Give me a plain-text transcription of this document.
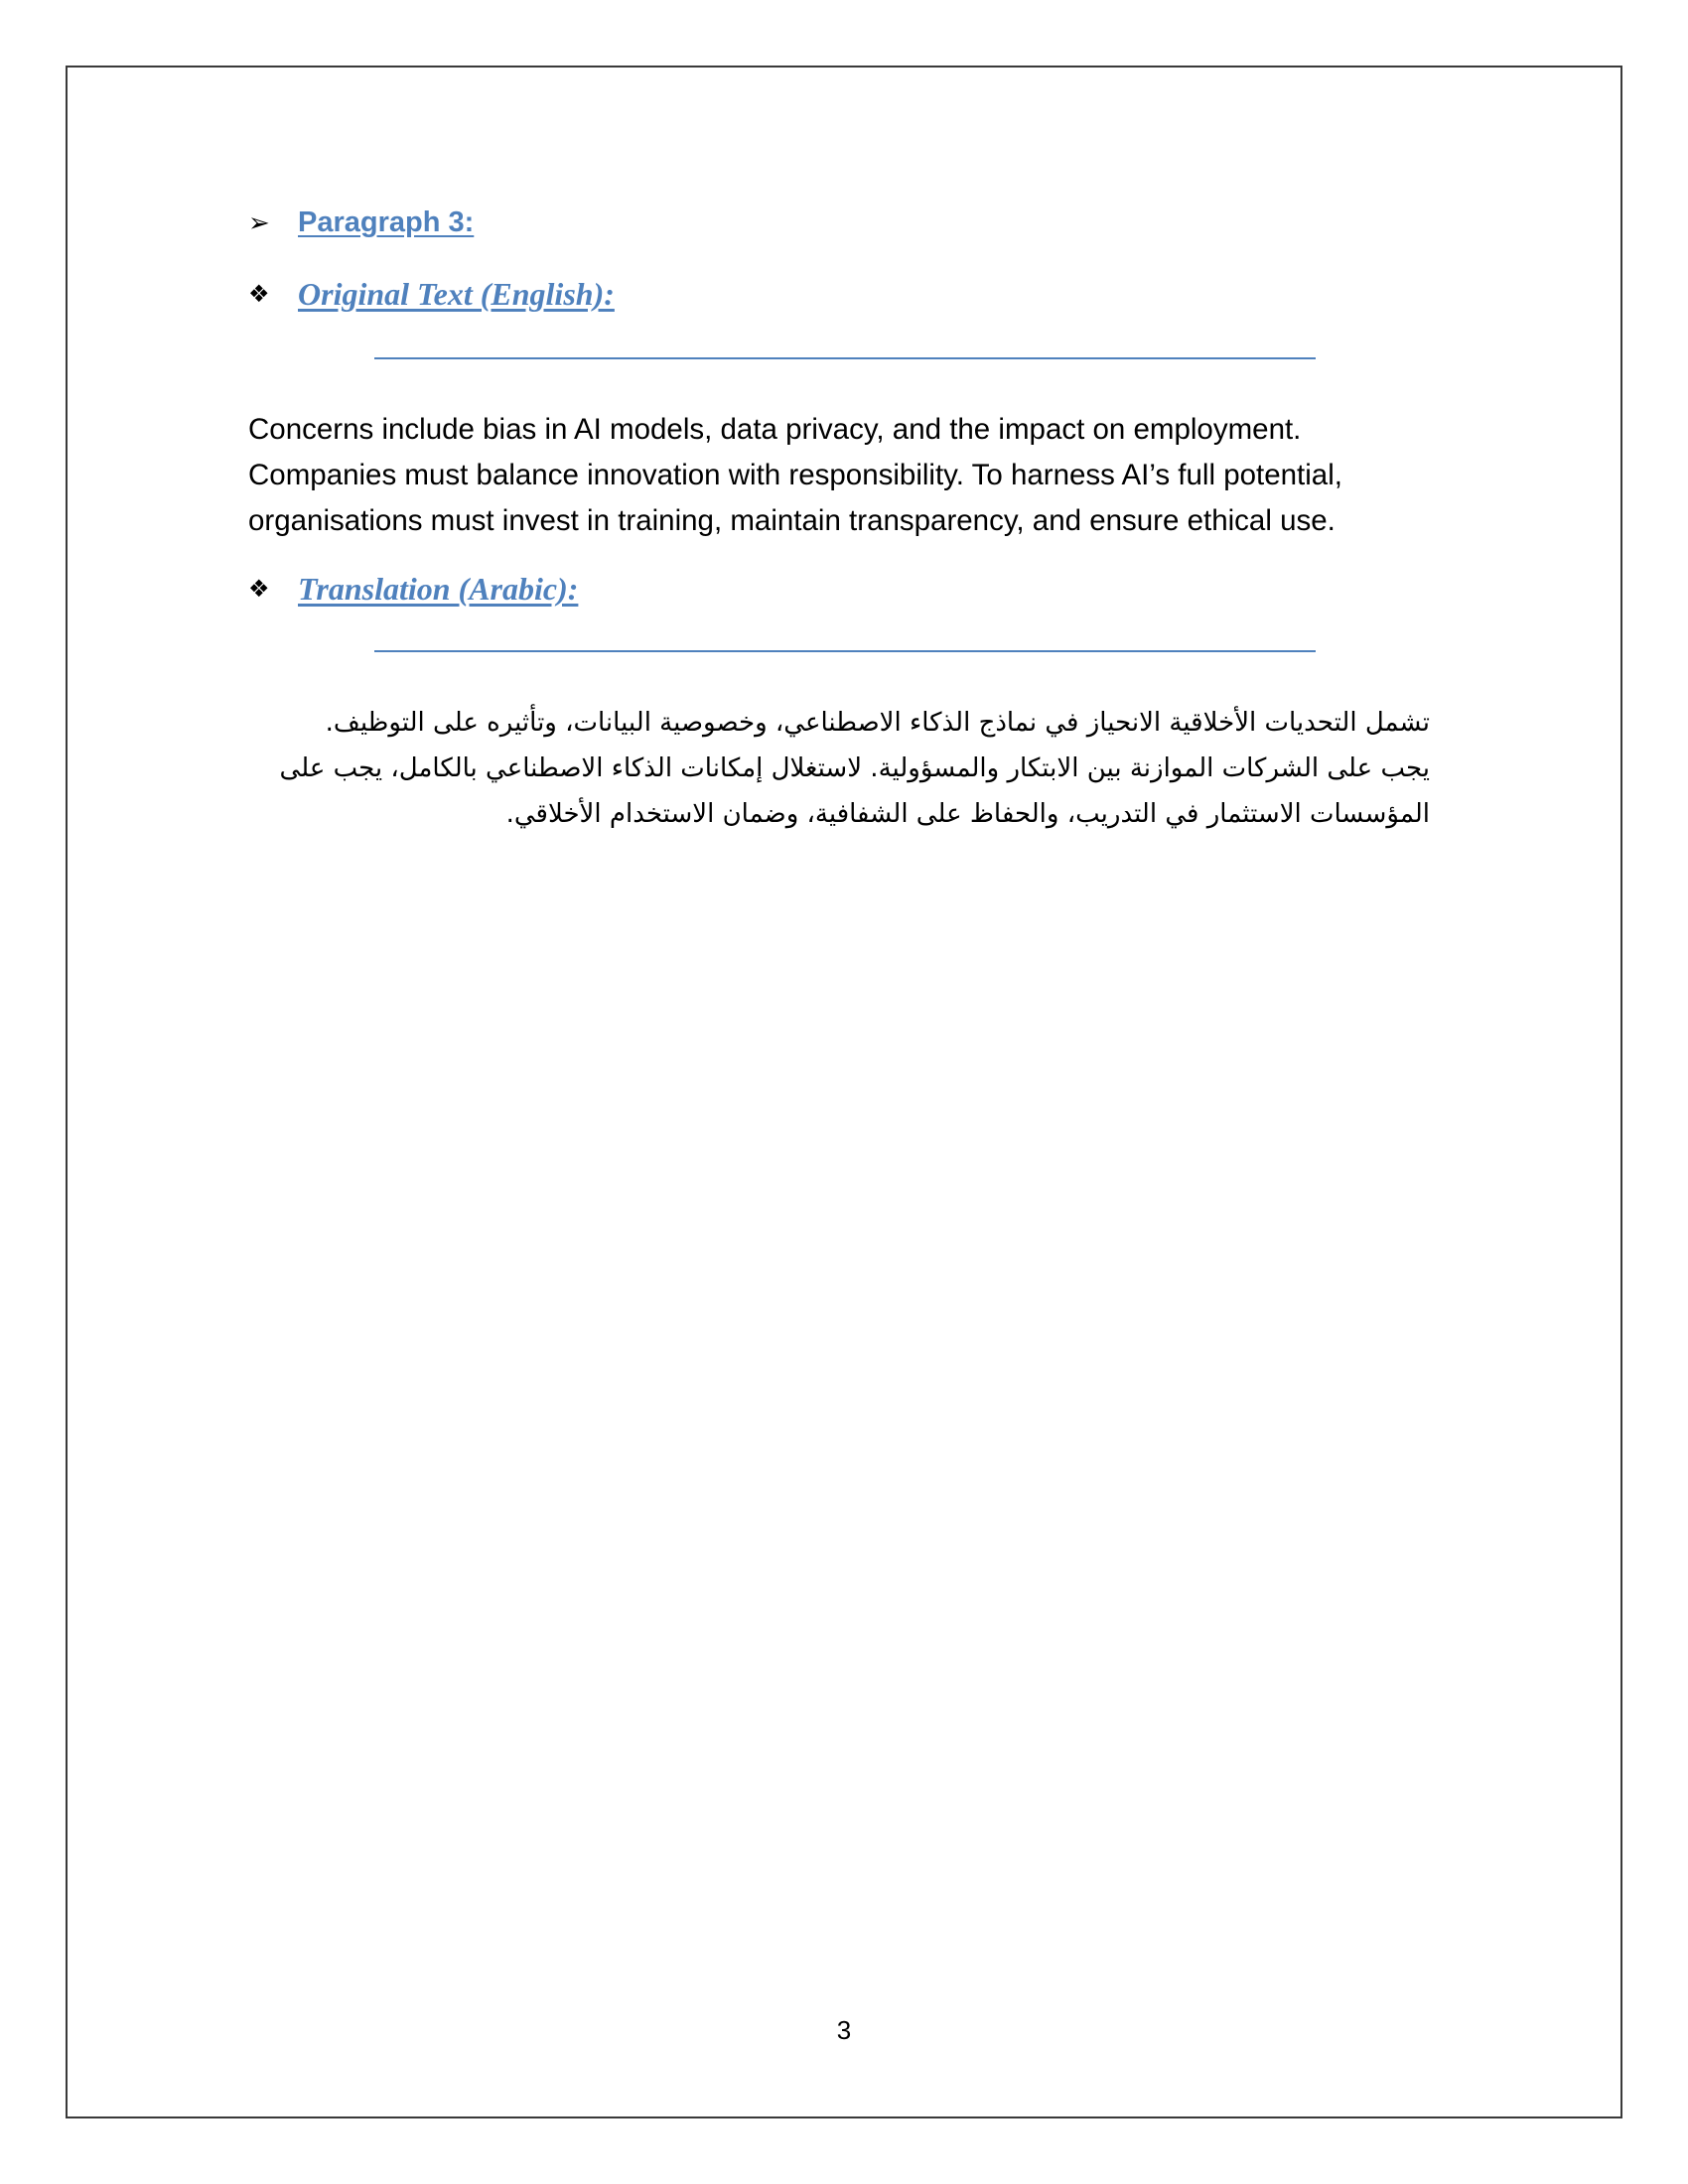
➢ Paragraph 3:
❖ Original Text (English):
Concerns include bias in AI models, data privacy, and the impact on employment.
Companies must balance innovation with responsibility. To harness AI’s full potential,
organisations must invest in training, maintain transparency, and ensure ethical use.
❖ Translation (Arabic):
تشمل التحديات الأخلاقية الانحياز في نماذج الذكاء الاصطناعي، وخصوصية البيانات، وتأثيره على التوظيف.
يجب على الشركات الموازنة بين الابتكار والمسؤولية. لاستغلال إمكانات الذكاء الاصطناعي بالكامل، يجب على
المؤسسات الاستثمار في التدريب، والحفاظ على الشفافية، وضمان الاستخدام الأخلاقي.
3
